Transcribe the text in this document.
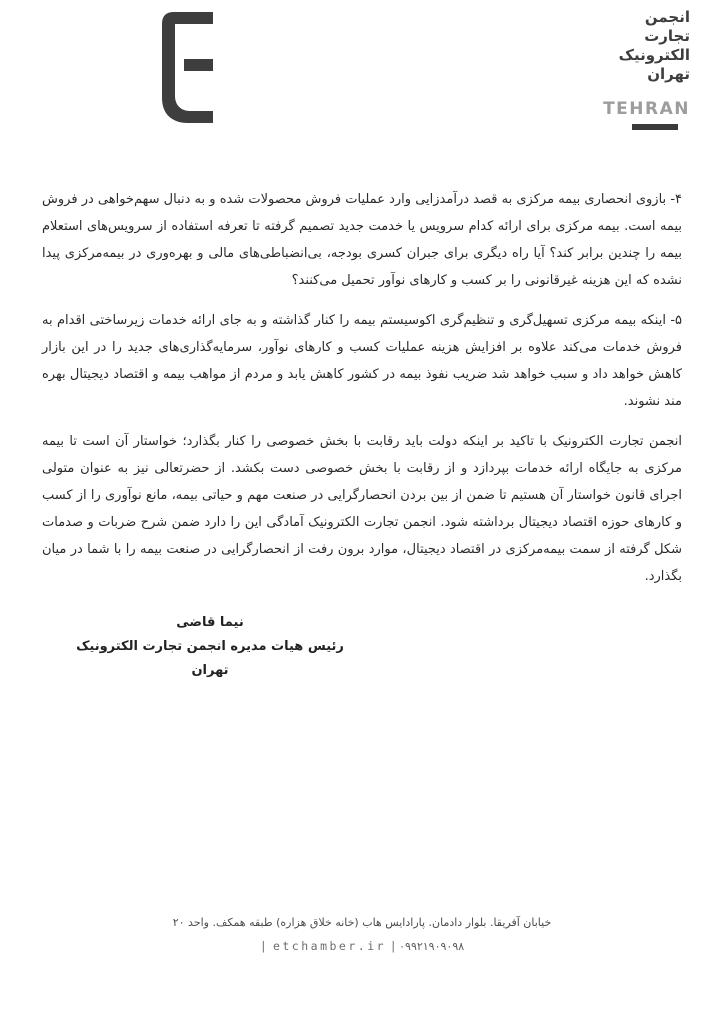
انجمن
تجارت
الکترونیک
تهران
TEHRAN

۴- بازوی انحصاری بیمه مرکزی به قصد درآمدزایی وارد عملیات فروش محصولات شده و به دنبال سهم‌خواهی در فروش بیمه است. بیمه مرکزی برای ارائه کدام سرویس یا خدمت جدید تصمیم گرفته تا تعرفه استفاده از سرویس‌های استعلام بیمه را چندین برابر کند؟ آیا راه دیگری برای جبران کسری بودجه، بی‌انضباطی‌های مالی و بهره‌وری در بیمه‌مرکزی پیدا نشده که این هزینه غیرقانونی را بر کسب و کارهای نوآور تحمیل می‌کنند؟

۵- اینکه بیمه مرکزی تسهیل‌گری و تنظیم‌گری اکوسیستم بیمه را کنار گذاشته و به جای ارائه خدمات زیرساختی اقدام به فروش خدمات می‌کند علاوه بر افزایش هزینه عملیات کسب و کارهای نوآور، سرمایه‌گذاری‌های جدید را در این بازار کاهش خواهد داد و سبب خواهد شد ضریب نفوذ بیمه در کشور کاهش یابد و مردم از مواهب بیمه و اقتصاد دیجیتال بهره مند نشوند.

انجمن تجارت الکترونیک با تاکید بر اینکه دولت باید رقابت با بخش خصوصی را کنار بگذارد؛ خواستار آن است تا بیمه مرکزی به جایگاه ارائه خدمات بپردازد و از رقابت با بخش خصوصی دست بکشد. از حضرتعالی نیز به عنوان متولی اجرای قانون خواستار آن هستیم تا ضمن از بین بردن انحصارگرایی در صنعت مهم و حیاتی بیمه، مانع نوآوری را از کسب و کارهای حوزه اقتصاد دیجیتال برداشته شود. انجمن تجارت الکترونیک آمادگی این را دارد ضمن شرح ضربات و صدمات شکل گرفته از سمت بیمه‌مرکزی در اقتصاد دیجیتال، موارد برون رفت از انحصارگرایی در صنعت بیمه را با شما در میان بگذارد.

نیما قاضی
رئیس هیات مدیره انجمن تجارت الکترونیک تهران
خیابان آفریقا. بلوار دادمان. پارادایس هاب (خانه خلاق هزاره) طبقه همکف. واحد ۲۰
| etchamber.ir |۰۹۹۲۱۹۰۹۰۹۸
